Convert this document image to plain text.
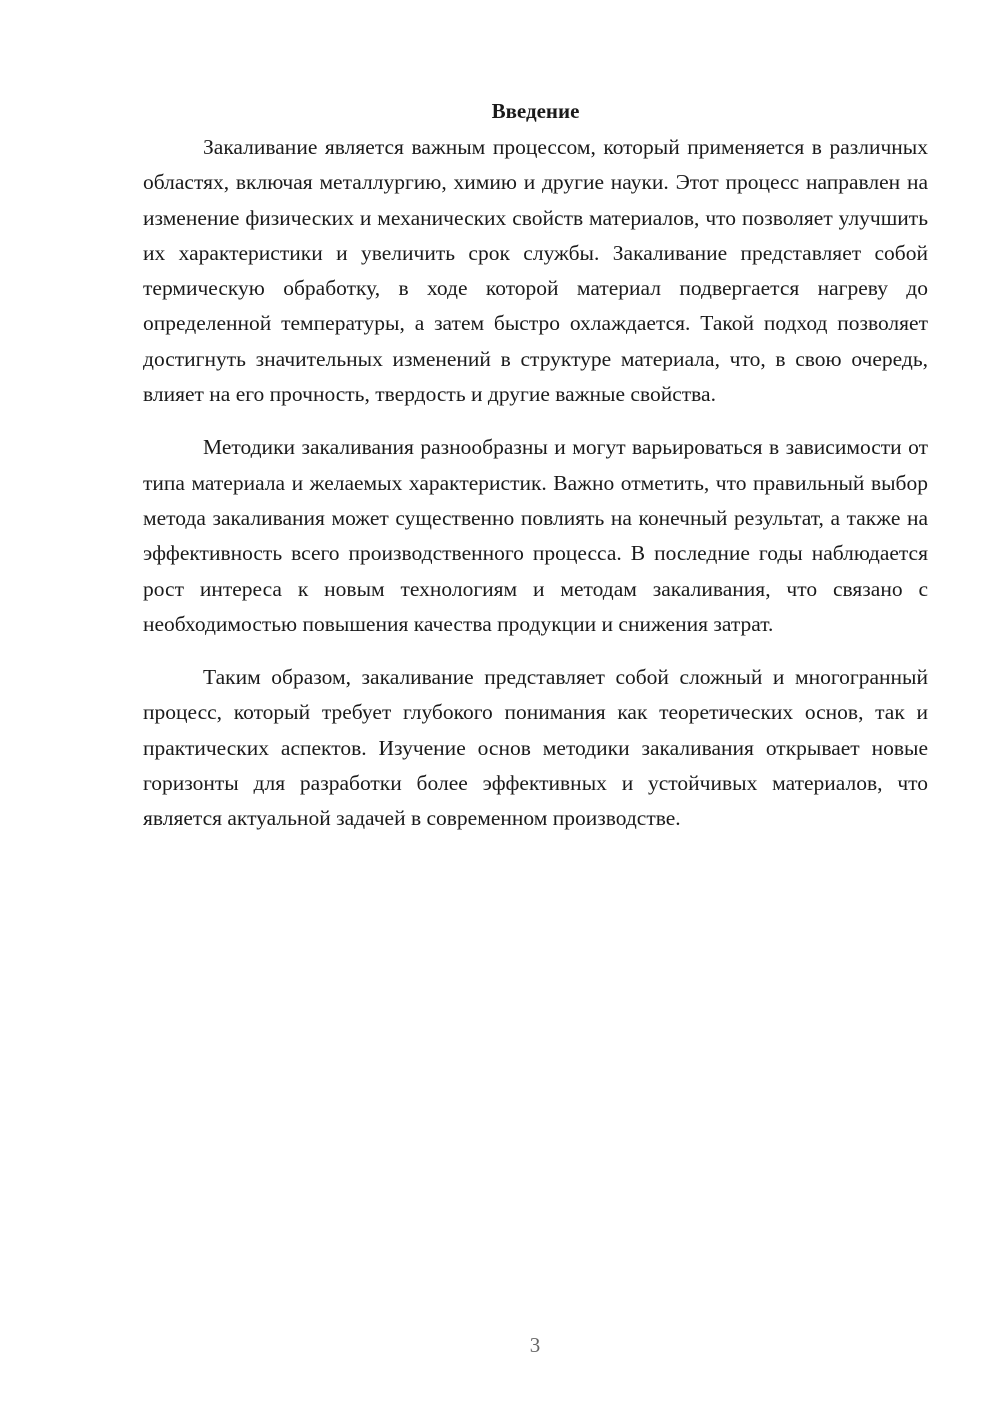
Введение

Закаливание является важным процессом, который применяется в различных областях, включая металлургию, химию и другие науки. Этот процесс направлен на изменение физических и механических свойств материалов, что позволяет улучшить их характеристики и увеличить срок службы. Закаливание представляет собой термическую обработку, в ходе которой материал подвергается нагреву до определенной температуры, а затем быстро охлаждается. Такой подход позволяет достигнуть значительных изменений в структуре материала, что, в свою очередь, влияет на его прочность, твердость и другие важные свойства.

Методики закаливания разнообразны и могут варьироваться в зависимости от типа материала и желаемых характеристик. Важно отметить, что правильный выбор метода закаливания может существенно повлиять на конечный результат, а также на эффективность всего производственного процесса. В последние годы наблюдается рост интереса к новым технологиям и методам закаливания, что связано с необходимостью повышения качества продукции и снижения затрат.

Таким образом, закаливание представляет собой сложный и многогранный процесс, который требует глубокого понимания как теоретических основ, так и практических аспектов. Изучение основ методики закаливания открывает новые горизонты для разработки более эффективных и устойчивых материалов, что является актуальной задачей в современном производстве.

3
